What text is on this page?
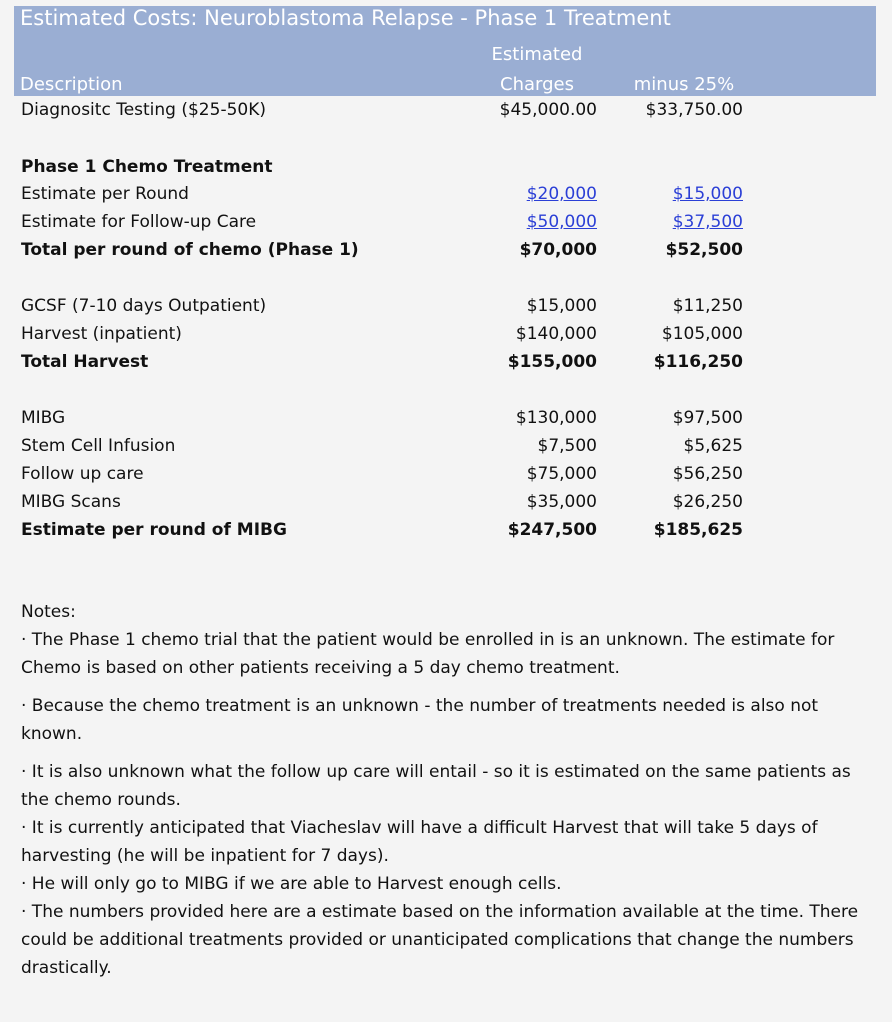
Estimated Costs: Neuroblastoma Relapse - Phase 1 Treatment
Estimated
Description	Charges	minus 25%
Diagnositc Testing ($25-50K)	$45,000.00	$33,750.00
Phase 1 Chemo Treatment
Estimate per Round	$20,000	$15,000
Estimate for Follow-up Care	$50,000	$37,500
Total per round of chemo (Phase 1)	$70,000	$52,500
GCSF (7-10 days Outpatient)	$15,000	$11,250
Harvest (inpatient)	$140,000	$105,000
Total Harvest	$155,000	$116,250
MIBG	$130,000	$97,500
Stem Cell Infusion	$7,500	$5,625
Follow up care	$75,000	$56,250
MIBG Scans	$35,000	$26,250
Estimate per round of MIBG	$247,500	$185,625

Notes:

· The Phase 1 chemo trial that the patient would be enrolled in is an unknown. The estimate for Chemo is based on other patients receiving a 5 day chemo treatment.

· Because the chemo treatment is an unknown - the number of treatments needed is also not known.

· It is also unknown what the follow up care will entail - so it is estimated on the same patients as the chemo rounds.

· It is currently anticipated that Viacheslav will have a difficult Harvest that will take 5 days of harvesting (he will be inpatient for 7 days).

· He will only go to MIBG if we are able to Harvest enough cells.

· The numbers provided here are a estimate based on the information available at the time. There could be additional treatments provided or unanticipated complications that change the numbers drastically.
